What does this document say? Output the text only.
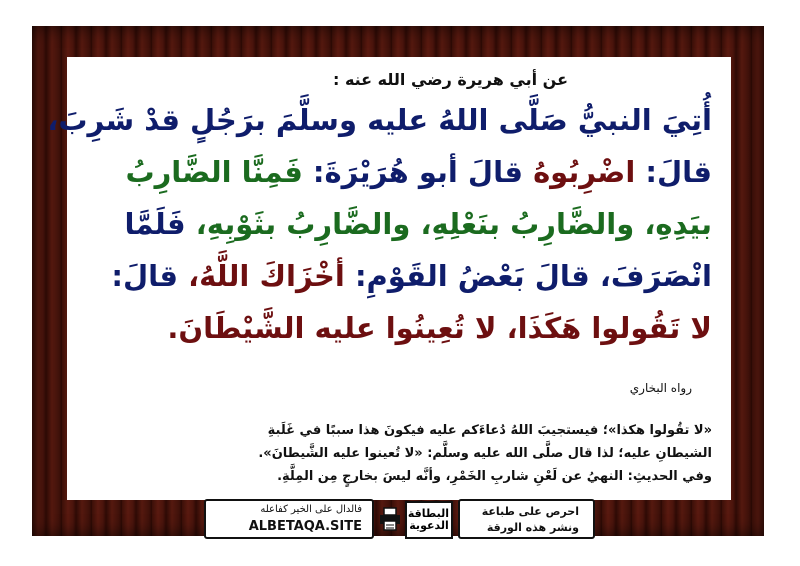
عن أبي هريرة رضي الله عنه :
أُتِيَ النبيُّ صَلَّى اللهُ عليه وسلَّمَ برَجُلٍ قدْ شَرِبَ،
قالَ: اضْرِبُوهُ قالَ أبو هُرَيْرَةَ: فَمِنَّا الضَّارِبُ
بيَدِهِ، والضَّارِبُ بنَعْلِهِ، والضَّارِبُ بثَوْبِهِ، فَلَمَّا
انْصَرَفَ، قالَ بَعْضُ القَوْمِ: أخْزَاكَ اللَّهُ، قالَ:
لا تَقُولوا هَكَذَا، لا تُعِينُوا عليه الشَّيْطَانَ.
رواه البخاري
«لا تقُولوا هكذا»؛ فيستجيبَ اللهُ دُعاءَكم عليه فيكونَ هذا سببًا في غَلَبةِ
الشيطانِ عليه؛ لذا قال صلَّى الله عليه وسلَّم: «لا تُعينوا عليه الشَّيطانَ».
وفي الحديثِ: النهيُ عن لَعْنِ شاربِ الخَمْرِ، وأنَّه ليسَ بخارجٍ مِن المِلَّةِ.
فالدال على الخير كفاعله
ALBETAQA.SITE
البطاقة الدعوية
احرص على طباعة
ونشر هذه الورقة
